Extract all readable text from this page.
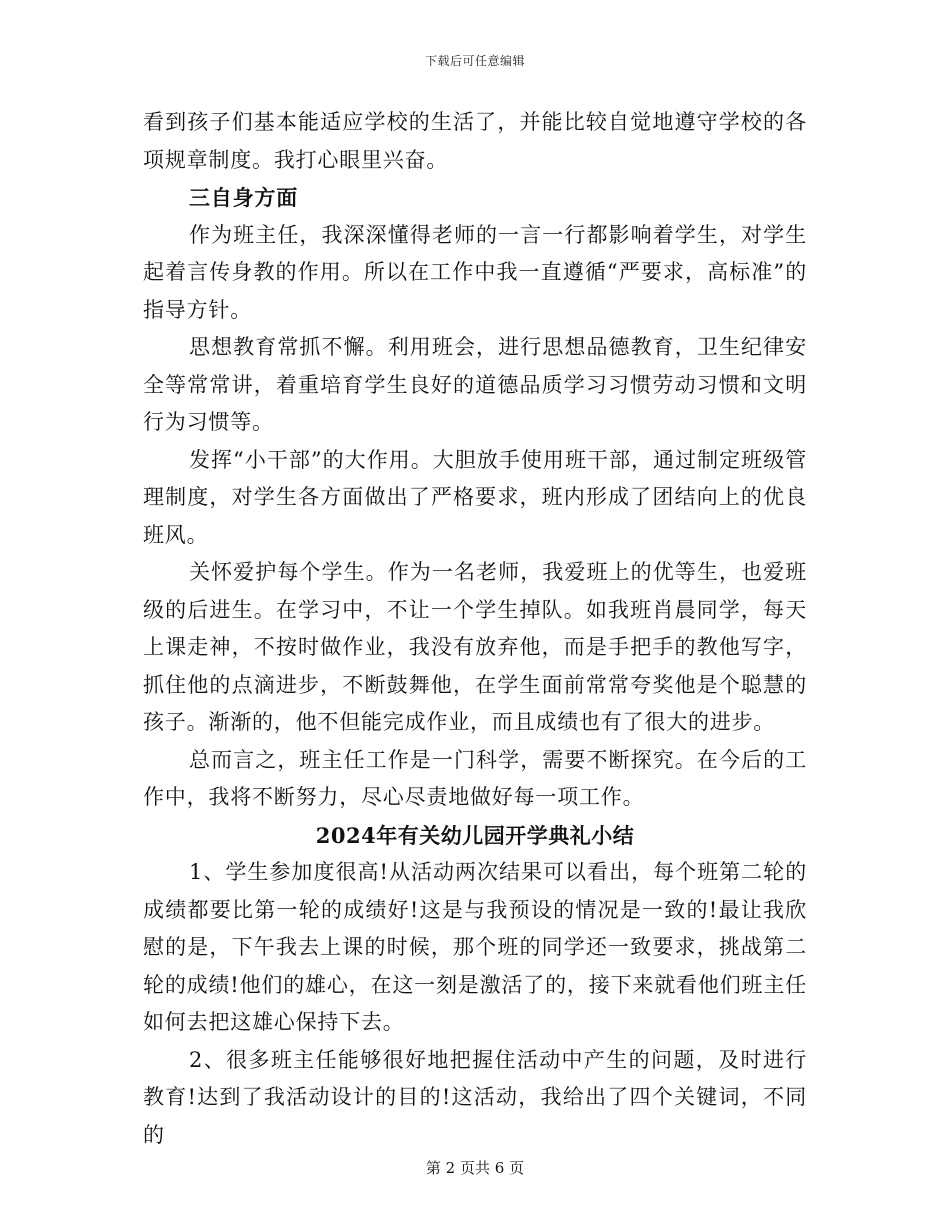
下载后可任意编辑

看到孩子们基本能适应学校的生活了，并能比较自觉地遵守学校的各项规章制度。我打心眼里兴奋。

三自身方面

作为班主任，我深深懂得老师的一言一行都影响着学生，对学生起着言传身教的作用。所以在工作中我一直遵循“严要求，高标准”的指导方针。

思想教育常抓不懈。利用班会，进行思想品德教育，卫生纪律安全等常常讲，着重培育学生良好的道德品质学习习惯劳动习惯和文明行为习惯等。

发挥“小干部”的大作用。大胆放手使用班干部，通过制定班级管理制度，对学生各方面做出了严格要求，班内形成了团结向上的优良班风。

关怀爱护每个学生。作为一名老师，我爱班上的优等生，也爱班级的后进生。在学习中，不让一个学生掉队。如我班肖晨同学，每天上课走神，不按时做作业，我没有放弃他，而是手把手的教他写字，抓住他的点滴进步，不断鼓舞他，在学生面前常常夸奖他是个聪慧的孩子。渐渐的，他不但能完成作业，而且成绩也有了很大的进步。

总而言之，班主任工作是一门科学，需要不断探究。在今后的工作中，我将不断努力，尽心尽责地做好每一项工作。

2024年有关幼儿园开学典礼小结

1、学生参加度很高!从活动两次结果可以看出，每个班第二轮的成绩都要比第一轮的成绩好!这是与我预设的情况是一致的!最让我欣慰的是，下午我去上课的时候，那个班的同学还一致要求，挑战第二轮的成绩!他们的雄心，在这一刻是激活了的，接下来就看他们班主任如何去把这雄心保持下去。

2、很多班主任能够很好地把握住活动中产生的问题，及时进行教育!达到了我活动设计的目的!这活动，我给出了四个关键词，不同的

第 2 页共 6 页
